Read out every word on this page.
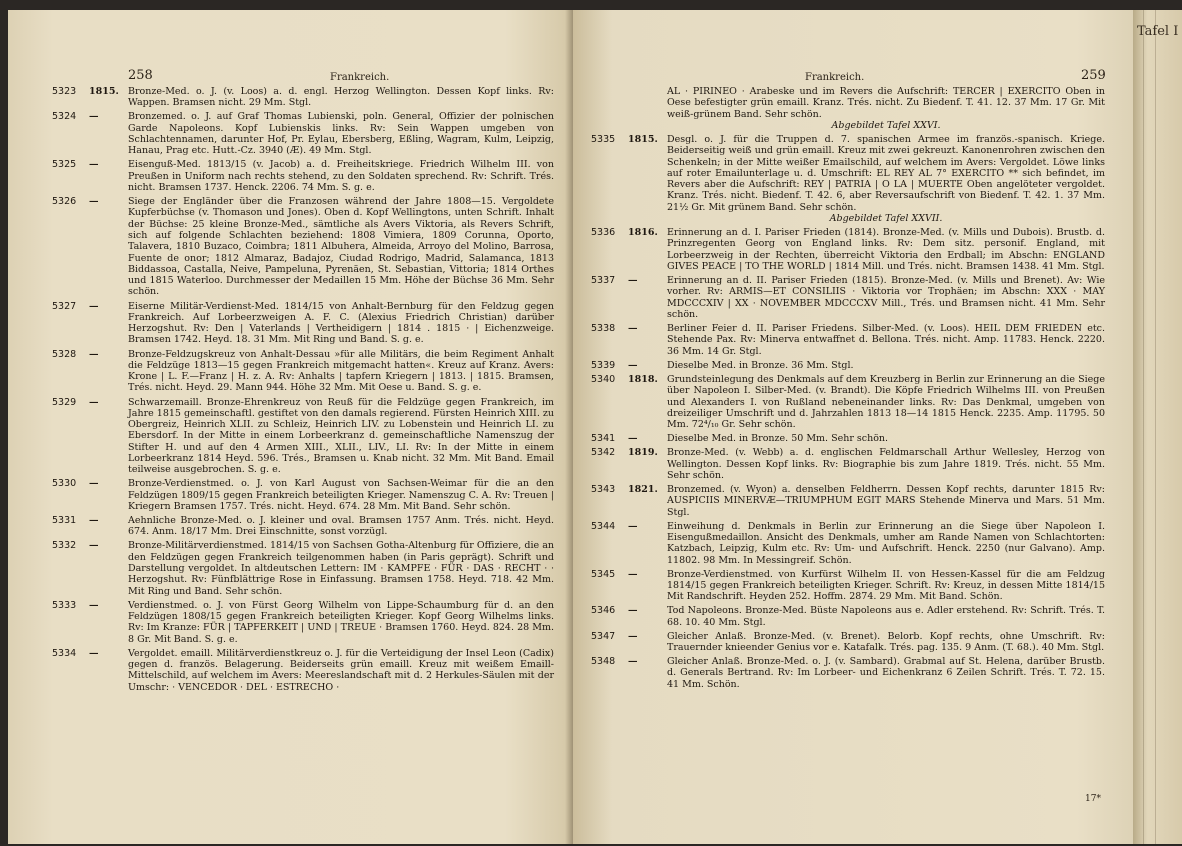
258	Frankreich.
5323	1815. Bronze-Med. o. J. (v. Loos) a. d. engl. Herzog Wellington. Dessen Kopf links. Rv: Wappen. Bramsen nicht. 29 Mm. Stgl.
5324	—	Bronzemed. o. J. auf Graf Thomas Lubienski, poln. General, Offizier der polnischen Garde Napoleons. Kopf Lubienskis links. Rv: Sein Wappen umgeben von Schlachtennamen, darunter Hof, Pr. Eylau, Ebersberg, Eßling, Wagram, Kulm, Leipzig, Hanau, Prag etc. Hutt.-Cz. 3940 (Æ). 49 Mm. Stgl.
5325	—	Eisenguß-Med. 1813/15 (v. Jacob) a. d. Freiheitskriege. Friedrich Wilhelm III. von Preußen in Uniform nach rechts stehend, zu den Soldaten sprechend. Rv: Schrift. Trés. nicht. Bramsen 1737. Henck. 2206. 74 Mm. S. g. e.
5326	—	Siege der Engländer über die Franzosen während der Jahre 1808—15. Vergoldete Kupferbüchse (v. Thomason und Jones). Oben d. Kopf Wellingtons, unten Schrift. Inhalt der Büchse: 25 kleine Bronze-Med., sämtliche als Avers Viktoria, als Revers Schrift, sich auf folgende Schlachten beziehend: 1808 Vimiera, 1809 Corunna, Oporto, Talavera, 1810 Buzaco, Coimbra; 1811 Albuhera, Almeida, Arroyo del Molino, Barrosa, Fuente de onor; 1812 Almaraz, Badajoz, Ciudad Rodrigo, Madrid, Salamanca, 1813 Biddassoa, Castalla, Neive, Pampeluna, Pyrenäen, St. Sebastian, Vittoria; 1814 Orthes und 1815 Waterloo. Durchmesser der Medaillen 15 Mm. Höhe der Büchse 36 Mm. Sehr schön.
5327	—	Eiserne Militär-Verdienst-Med. 1814/15 von Anhalt-Bernburg für den Feldzug gegen Frankreich. Auf Lorbeerzweigen A. F. C. (Alexius Friedrich Christian) darüber Herzogshut. Rv: Den | Vaterlands | Vertheidigern | 1814 . 1815 · | Eichenzweige. Bramsen 1742. Heyd. 18. 31 Mm. Mit Ring und Band. S. g. e.
5328	—	Bronze-Feldzugskreuz von Anhalt-Dessau »für alle Militärs, die beim Regiment Anhalt die Feldzüge 1813—15 gegen Frankreich mitgemacht hatten«. Kreuz auf Kranz. Avers: Krone | L. F.—Franz | H. z. A. Rv: Anhalts | tapfern Kriegern | 1813. | 1815. Bramsen, Trés. nicht. Heyd. 29. Mann 944. Höhe 32 Mm. Mit Oese u. Band. S. g. e.
5329	—	Schwarzemaill. Bronze-Ehrenkreuz von Reuß für die Feldzüge gegen Frankreich, im Jahre 1815 gemeinschaftl. gestiftet von den damals regierend. Fürsten Heinrich XIII. zu Obergreiz, Heinrich XLII. zu Schleiz, Heinrich LIV. zu Lobenstein und Heinrich LI. zu Ebersdorf. In der Mitte in einem Lorbeerkranz d. gemeinschaftliche Namenszug der Stifter H. und auf den 4 Armen XIII., XLII., LIV., LI. Rv: In der Mitte in einem Lorbeerkranz 1814 Heyd. 596. Trés., Bramsen u. Knab nicht. 32 Mm. Mit Band. Email teilweise ausgebrochen. S. g. e.
5330	—	Bronze-Verdienstmed. o. J. von Karl August von Sachsen-Weimar für die an den Feldzügen 1809/15 gegen Frankreich beteiligten Krieger. Namenszug C. A. Rv: Treuen | Kriegern Bramsen 1757. Trés. nicht. Heyd. 674. 28 Mm. Mit Band. Sehr schön.
5331	—	Aehnliche Bronze-Med. o. J. kleiner und oval. Bramsen 1757 Anm. Trés. nicht. Heyd. 674. Anm. 18/17 Mm. Drei Einschnitte, sonst vorzügl.
5332	—	Bronze-Militärverdienstmed. 1814/15 von Sachsen Gotha-Altenburg für Offiziere, die an den Feldzügen gegen Frankreich teilgenommen haben (in Paris geprägt). Schrift und Darstellung vergoldet. In altdeutschen Lettern: IM · KAMPFE · FÜR · DAS · RECHT · · Herzogshut. Rv: Fünfblättrige Rose in Einfassung. Bramsen 1758. Heyd. 718. 42 Mm. Mit Ring und Band. Sehr schön.
5333	—	Verdienstmed. o. J. von Fürst Georg Wilhelm von Lippe-Schaumburg für d. an den Feldzügen 1808/15 gegen Frankreich beteiligten Krieger. Kopf Georg Wilhelms links. Rv: Im Kranze: FÜR | TAPFERKEIT | UND | TREUE · Bramsen 1760. Heyd. 824. 28 Mm. 8 Gr. Mit Band. S. g. e.
5334	—	Vergoldet. emaill. Militärverdienstkreuz o. J. für die Verteidigung der Insel Leon (Cadix) gegen d. französ. Belagerung. Beiderseits grün emaill. Kreuz mit weißem Emaill-Mittelschild, auf welchem im Avers: Meereslandschaft mit d. 2 Herkules-Säulen mit der Umschr: · VENCEDOR · DEL · ESTRECHO ·
Frankreich.	259
AL · PIRINEO · Arabeske und im Revers die Aufschrift: TERCER | EXERCITO Oben in Oese befestigter grün emaill. Kranz. Trés. nicht. Zu Biedenf. T. 41. 12. 37 Mm. 17 Gr. Mit weiß-grünem Band. Sehr schön.
Abgebildet Tafel XXVI.
5335	1815. Desgl. o. J. für die Truppen d. 7. spanischen Armee im französ.-spanisch. Kriege. Beiderseitig weiß und grün emaill. Kreuz mit zwei gekreuzt. Kanonenrohren zwischen den Schenkeln; in der Mitte weißer Emailschild, auf welchem im Avers: Vergoldet. Löwe links auf roter Emailunterlage u. d. Umschrift: EL REY AL 7° EXERCITO ** sich befindet, im Revers aber die Aufschrift: REY | PATRIA | O LA | MUERTE Oben angelöteter vergoldet. Kranz. Trés. nicht. Biedenf. T. 42. 6, aber Reversaufschrift von Biedenf. T. 42. 1. 37 Mm. 21½ Gr. Mit grünem Band. Sehr schön.
Abgebildet Tafel XXVII.
5336	1816. Erinnerung an d. I. Pariser Frieden (1814). Bronze-Med. (v. Mills und Dubois). Brustb. d. Prinzregenten Georg von England links. Rv: Dem sitz. personif. England, mit Lorbeerzweig in der Rechten, überreicht Viktoria den Erdball; im Abschn: ENGLAND GIVES PEACE | TO THE WORLD | 1814 Mill. und Trés. nicht. Bramsen 1438. 41 Mm. Stgl.
5337	—	Erinnerung an d. II. Pariser Frieden (1815). Bronze-Med. (v. Mills und Brenet). Av: Wie vorher. Rv: ARMIS—ET CONSILIIS · Viktoria vor Trophäen; im Abschn: XXX · MAY MDCCCXIV | XX · NOVEMBER MDCCCXV Mill., Trés. und Bramsen nicht. 41 Mm. Sehr schön.
5338	—	Berliner Feier d. II. Pariser Friedens. Silber-Med. (v. Loos). HEIL DEM FRIEDEN etc. Stehende Pax. Rv: Minerva entwaffnet d. Bellona. Trés. nicht. Amp. 11783. Henck. 2220. 36 Mm. 14 Gr. Stgl.
5339	—	Dieselbe Med. in Bronze. 36 Mm. Stgl.
5340	1818. Grundsteinlegung des Denkmals auf dem Kreuzberg in Berlin zur Erinnerung an die Siege über Napoleon I. Silber-Med. (v. Brandt). Die Köpfe Friedrich Wilhelms III. von Preußen und Alexanders I. von Rußland nebeneinander links. Rv: Das Denkmal, umgeben von dreizeiliger Umschrift und d. Jahrzahlen 1813 18—14 1815 Henck. 2235. Amp. 11795. 50 Mm. 72⁴/₁₀ Gr. Sehr schön.
5341	—	Dieselbe Med. in Bronze. 50 Mm. Sehr schön.
5342	1819. Bronze-Med. (v. Webb) a. d. englischen Feldmarschall Arthur Wellesley, Herzog von Wellington. Dessen Kopf links. Rv: Biographie bis zum Jahre 1819. Trés. nicht. 55 Mm. Sehr schön.
5343	1821. Bronzemed. (v. Wyon) a. denselben Feldherrn. Dessen Kopf rechts, darunter 1815 Rv: AUSPICIIS MINERVÆ—TRIUMPHUM EGIT MARS Stehende Minerva und Mars. 51 Mm. Stgl.
5344	—	Einweihung d. Denkmals in Berlin zur Erinnerung an die Siege über Napoleon I. Eisengußmedaillon. Ansicht des Denkmals, umher am Rande Namen von Schlachtorten: Katzbach, Leipzig, Kulm etc. Rv: Um- und Aufschrift. Henck. 2250 (nur Galvano). Amp. 11802. 98 Mm. In Messingreif. Schön.
5345	—	Bronze-Verdienstmed. von Kurfürst Wilhelm II. von Hessen-Kassel für die am Feldzug 1814/15 gegen Frankreich beteiligten Krieger. Schrift. Rv: Kreuz, in dessen Mitte 1814/15 Mit Randschrift. Heyden 252. Hoffm. 2874. 29 Mm. Mit Band. Schön.
5346	—	Tod Napoleons. Bronze-Med. Büste Napoleons aus e. Adler erstehend. Rv: Schrift. Trés. T. 68. 10. 40 Mm. Stgl.
5347	—	Gleicher Anlaß. Bronze-Med. (v. Brenet). Belorb. Kopf rechts, ohne Umschrift. Rv: Trauernder knieender Genius vor e. Katafalk. Trés. pag. 135. 9 Anm. (T. 68.). 40 Mm. Stgl.
5348	—	Gleicher Anlaß. Bronze-Med. o. J. (v. Sambard). Grabmal auf St. Helena, darüber Brustb. d. Generals Bertrand. Rv: Im Lorbeer- und Eichenkranz 6 Zeilen Schrift. Trés. T. 72. 15. 41 Mm. Schön.
17*
Tafel I
